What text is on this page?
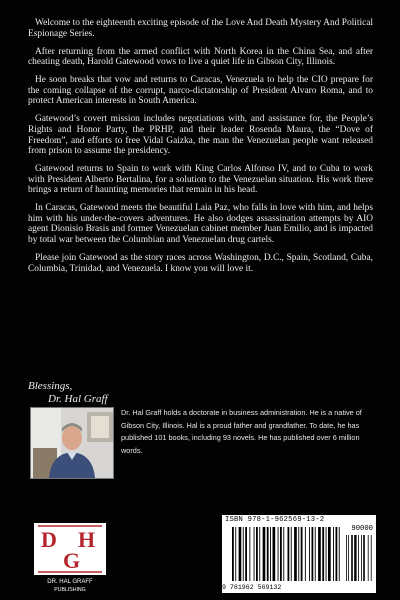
Welcome to the eighteenth exciting episode of the Love And Death Mystery And Political Espionage Series.

After returning from the armed conflict with North Korea in the China Sea, and after cheating death, Harold Gatewood vows to live a quiet life in Gibson City, Illinois.

He soon breaks that vow and returns to Caracas, Venezuela to help the CIO prepare for the coming collapse of the corrupt, narco-dictatorship of President Alvaro Roma, and to protect American interests in South America.

Gatewood’s covert mission includes negotiations with, and assistance for, the People’s Rights and Honor Party, the PRHP, and their leader Rosenda Maura, the “Dove of Freedom”, and efforts to free Vidal Gaizka, the man the Venezuelan people want released from prison to assume the presidency.

Gatewood returns to Spain to work with King Carlos Alfonso IV, and to Cuba to work with President Alberto Bertalina, for a solution to the Venezuelan situation. His work there brings a return of haunting memories that remain in his head.

In Caracas, Gatewood meets the beautiful Laia Paz, who falls in love with him, and helps him with his under-the-covers adventures. He also dodges assassination attempts by AIO agent Dionisio Brasis and former Venezuelan cabinet member Juan Emilio, and is impacted by total war between the Columbian and Venezuelan drug cartels.

Please join Gatewood as the story races across Washington, D.C., Spain, Scotland, Cuba, Columbia, Trinidad, and Venezuela. I know you will love it.

Blessings,
Dr. Hal Graff
Dr. Hal Graff holds a doctorate in business administration. He is a native of Gibson City, Illinois. Hal is a proud father and grandfather. To date, he has published 101 books, including 93 novels. He has published over 6 million words.
D
G
H
DR. HAL GRAFF
PUBLISHING
ISBN 978-1-962569-13-2
90000
9 781962 569132
